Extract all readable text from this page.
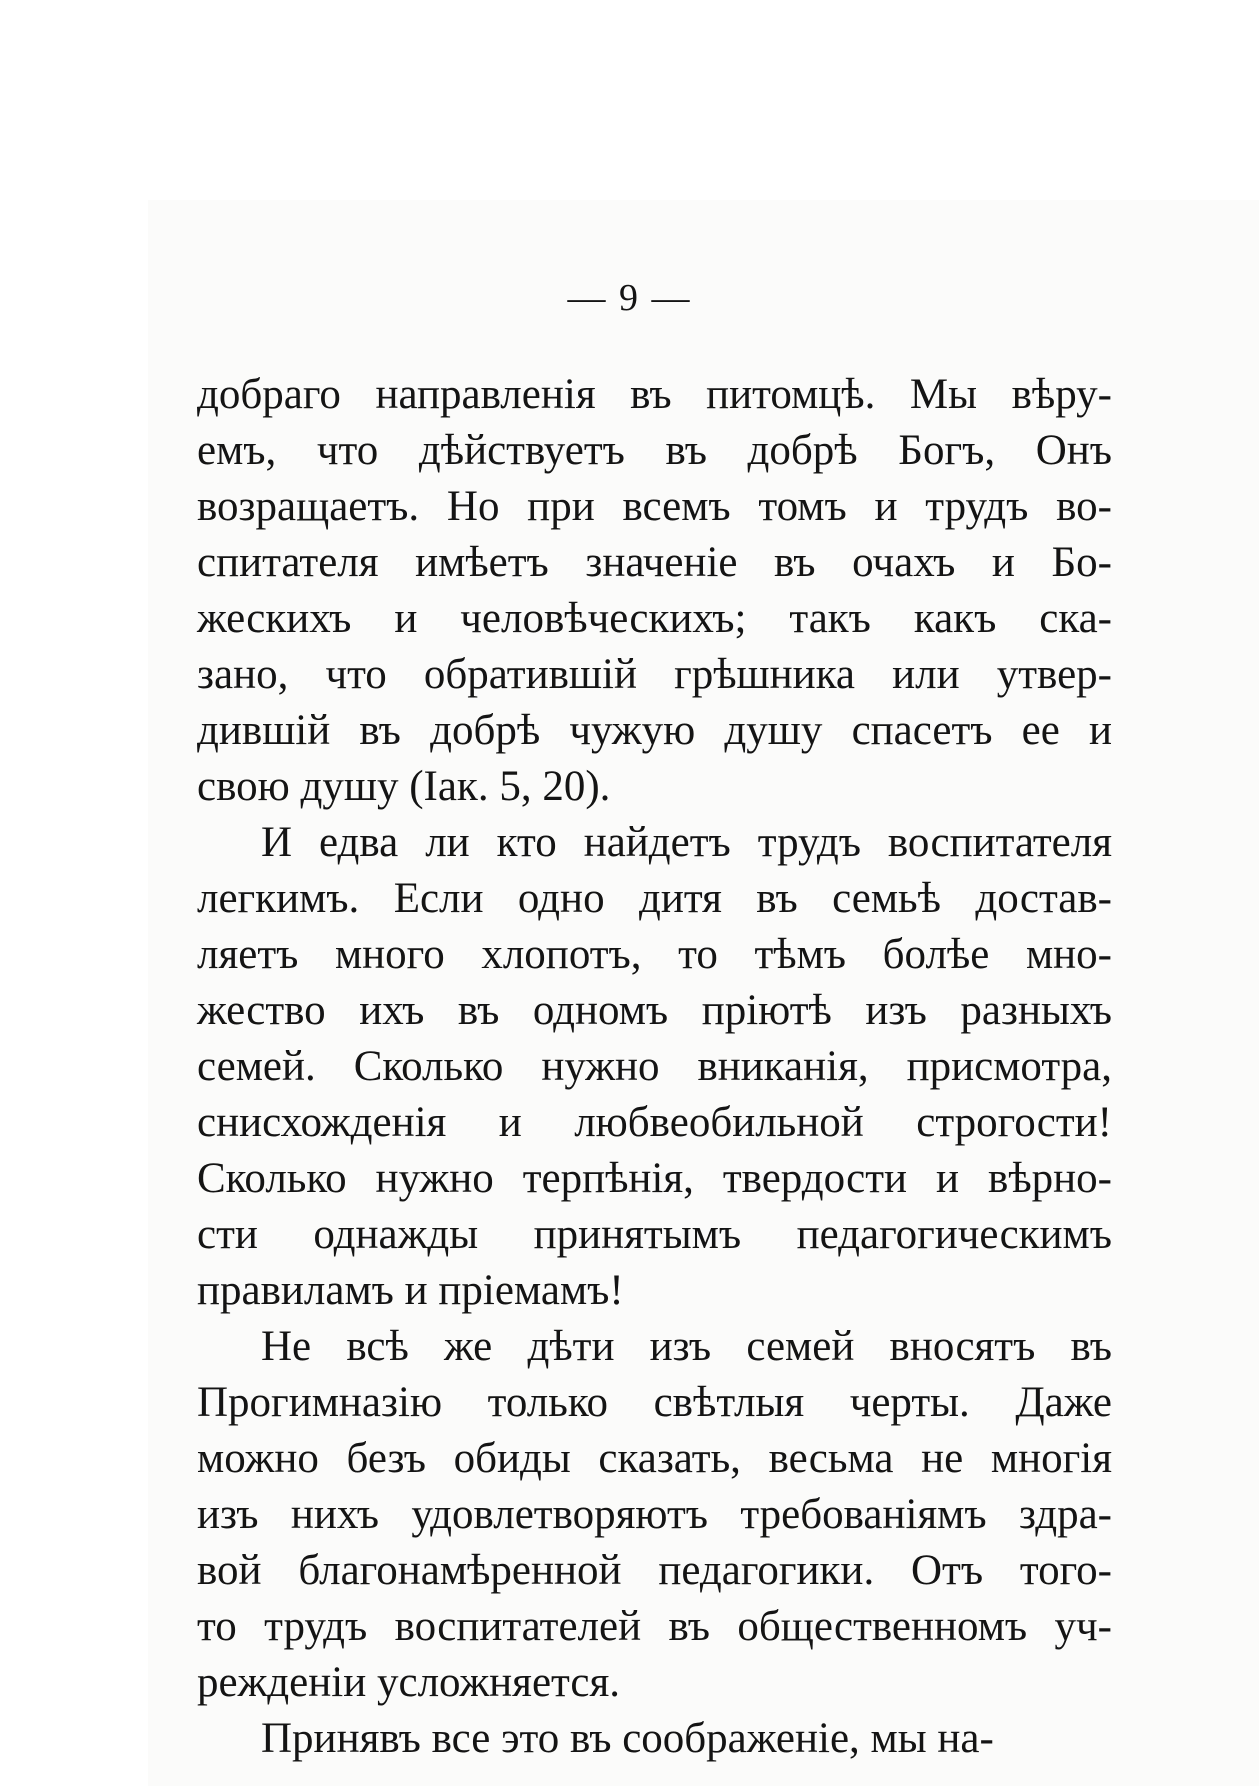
— 9 —
добраго направленія въ питомцѣ. Мы вѣру-
емъ, что дѣйствуетъ въ добрѣ Богъ, Онъ
возращаетъ. Но при всемъ томъ и трудъ во-
спитателя имѣетъ значеніе въ очахъ и Бо-
жескихъ и человѣческихъ; такъ какъ ска-
зано, что обратившій грѣшника или утвер-
дившій въ добрѣ чужую душу спасетъ ее и
свою душу (Іак. 5, 20).
И едва ли кто найдетъ трудъ воспитателя
легкимъ. Если одно дитя въ семьѣ достав-
ляетъ много хлопотъ, то тѣмъ болѣе мно-
жество ихъ въ одномъ пріютѣ изъ разныхъ
семей. Сколько нужно вниканія, присмотра,
снисхожденія и любвеобильной строгости!
Сколько нужно терпѣнія, твердости и вѣрно-
сти однажды принятымъ педагогическимъ
правиламъ и пріемамъ!
Не всѣ же дѣти изъ семей вносятъ въ
Прогимназію только свѣтлыя черты. Даже
можно безъ обиды сказать, весьма не многія
изъ нихъ удовлетворяютъ требованіямъ здра-
вой благонамѣренной педагогики. Отъ того-
то трудъ воспитателей въ общественномъ уч-
режденіи усложняется.
Принявъ все это въ соображеніе, мы на-
